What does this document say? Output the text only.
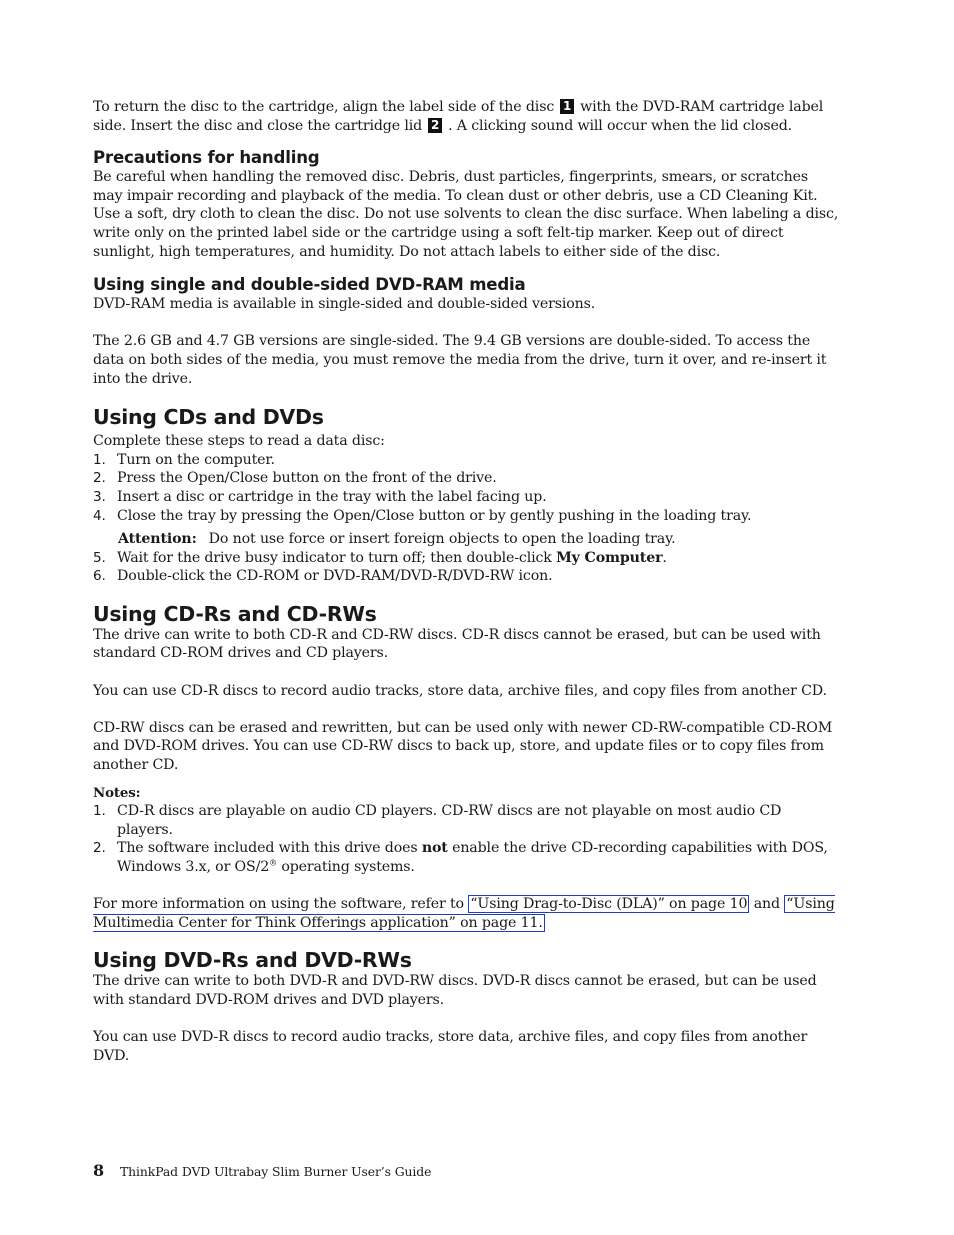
To return the disc to the cartridge, align the label side of the disc 1 with the DVD-RAM cartridge label side. Insert the disc and close the cartridge lid 2 . A clicking sound will occur when the lid closed.

Precautions for handling

Be careful when handling the removed disc. Debris, dust particles, fingerprints, smears, or scratches may impair recording and playback of the media. To clean dust or other debris, use a CD Cleaning Kit. Use a soft, dry cloth to clean the disc. Do not use solvents to clean the disc surface. When labeling a disc, write only on the printed label side or the cartridge using a soft felt-tip marker. Keep out of direct sunlight, high temperatures, and humidity. Do not attach labels to either side of the disc.

Using single and double-sided DVD-RAM media

DVD-RAM media is available in single-sided and double-sided versions.

The 2.6 GB and 4.7 GB versions are single-sided. The 9.4 GB versions are double-sided. To access the data on both sides of the media, you must remove the media from the drive, turn it over, and re-insert it into the drive.

Using CDs and DVDs

Complete these steps to read a data disc:

1. Turn on the computer.
2. Press the Open/Close button on the front of the drive.
3. Insert a disc or cartridge in the tray with the label facing up.
4. Close the tray by pressing the Open/Close button or by gently pushing in the loading tray.
Attention: Do not use force or insert foreign objects to open the loading tray.
5. Wait for the drive busy indicator to turn off; then double-click My Computer.
6. Double-click the CD-ROM or DVD-RAM/DVD-R/DVD-RW icon.
Using CD-Rs and CD-RWs

The drive can write to both CD-R and CD-RW discs. CD-R discs cannot be erased, but can be used with standard CD-ROM drives and CD players.

You can use CD-R discs to record audio tracks, store data, archive files, and copy files from another CD.

CD-RW discs can be erased and rewritten, but can be used only with newer CD-RW-compatible CD-ROM and DVD-ROM drives. You can use CD-RW discs to back up, store, and update files or to copy files from another CD.

Notes:
1. CD-R discs are playable on audio CD players. CD-RW discs are not playable on most audio CD players.
2. The software included with this drive does not enable the drive CD-recording capabilities with DOS, Windows 3.x, or OS/2® operating systems.

For more information on using the software, refer to “Using Drag-to-Disc (DLA)” on page 10 and “Using Multimedia Center for Think Offerings application” on page 11.

Using DVD-Rs and DVD-RWs

The drive can write to both DVD-R and DVD-RW discs. DVD-R discs cannot be erased, but can be used with standard DVD-ROM drives and DVD players.

You can use DVD-R discs to record audio tracks, store data, archive files, and copy files from another DVD.

8	ThinkPad DVD Ultrabay Slim Burner User’s Guide
